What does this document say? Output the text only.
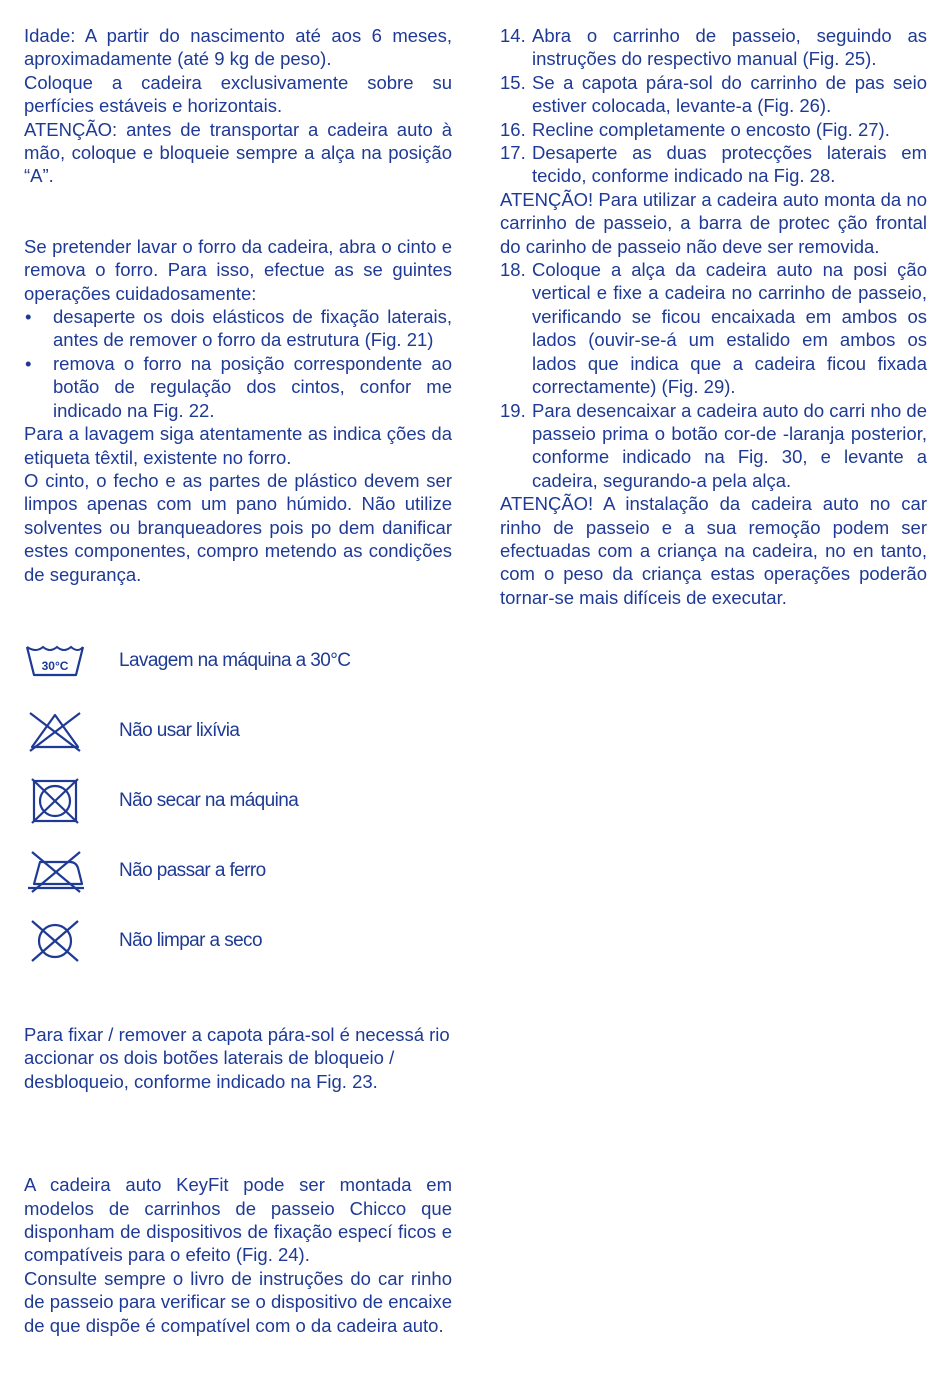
Idade: A partir do nascimento até aos 6 meses, aproximadamente (até 9 kg de peso).

Coloque a cadeira exclusivamente sobre su perfícies estáveis e horizontais.

ATENÇÃO: antes de transportar a cadeira auto à mão, coloque e bloqueie sempre a alça na posição “A”.

Se pretender lavar o forro da cadeira, abra o cinto e remova o forro. Para isso, efectue as se guintes operações cuidadosamente:

• desaperte os dois elásticos de fixação laterais, antes de remover o forro da estrutura (Fig. 21)
• remova o forro na posição correspondente ao botão de regulação dos cintos, confor me indicado na Fig. 22.

Para a lavagem siga atentamente as indica ções da etiqueta têxtil, existente no forro.

O cinto, o fecho e as partes de plástico devem ser limpos apenas com um pano húmido. Não utilize solventes ou branqueadores pois po dem danificar estes componentes, compro metendo as condições de segurança.

30°C	Lavagem na máquina a 30°C
Não usar lixívia
Não secar na máquina
Não passar a ferro
Não limpar a seco

Para fixar / remover a capota pára-sol é necessá rio accionar os dois botões laterais de bloqueio / desbloqueio, conforme indicado na Fig. 23.

A cadeira auto KeyFit pode ser montada em modelos de carrinhos de passeio Chicco que disponham de dispositivos de fixação especí ficos e compatíveis para o efeito (Fig. 24).

Consulte sempre o livro de instruções do car rinho de passeio para verificar se o dispositivo de encaixe de que dispõe é compatível com o da cadeira auto.

14. Abra o carrinho de passeio, seguindo as instruções do respectivo manual (Fig. 25).
15. Se a capota pára-sol do carrinho de pas seio estiver colocada, levante-a (Fig. 26).
16. Recline completamente o encosto (Fig. 27).
17. Desaperte as duas protecções laterais em tecido, conforme indicado na Fig. 28.

ATENÇÃO! Para utilizar a cadeira auto monta da no carrinho de passeio, a barra de protec ção frontal do carinho de passeio não deve ser removida.

18. Coloque a alça da cadeira auto na posi ção vertical e fixe a cadeira no carrinho de passeio, verificando se ficou encaixada em ambos os lados (ouvir-se-á um estalido em ambos os lados que indica que a cadeira ficou fixada correctamente) (Fig. 29).
19. Para desencaixar a cadeira auto do carri nho de passeio prima o botão cor-de -laranja posterior, conforme indicado na Fig. 30, e levante a cadeira, segurando-a pela alça.

ATENÇÃO! A instalação da cadeira auto no car rinho de passeio e a sua remoção podem ser efectuadas com a criança na cadeira, no en tanto, com o peso da criança estas operações poderão tornar-se mais difíceis de executar.
